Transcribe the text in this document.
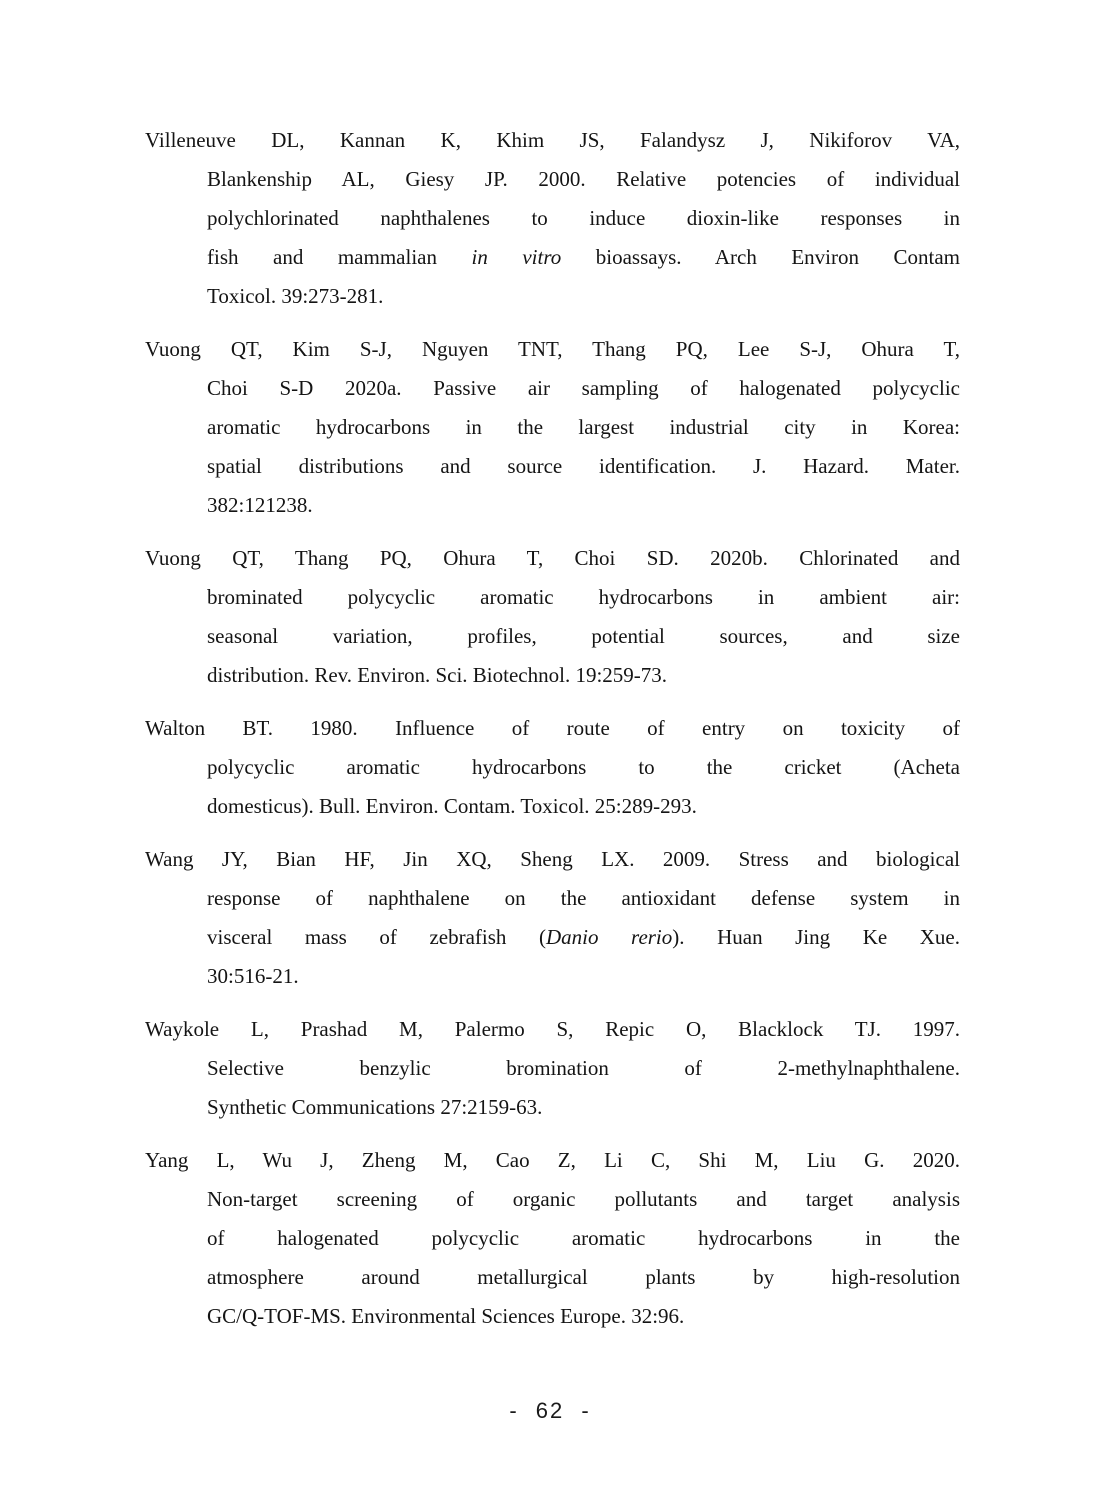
Villeneuve DL, Kannan K, Khim JS, Falandysz J, Nikiforov VA,
Blankenship AL, Giesy JP. 2000. Relative potencies of individual
polychlorinated naphthalenes to induce dioxin-like responses in
fish and mammalian in vitro bioassays. Arch Environ Contam
Toxicol. 39:273-281.
Vuong QT, Kim S-J, Nguyen TNT, Thang PQ, Lee S-J, Ohura T,
Choi S-D 2020a. Passive air sampling of halogenated polycyclic
aromatic hydrocarbons in the largest industrial city in Korea:
spatial distributions and source identification. J. Hazard. Mater.
382:121238.
Vuong QT, Thang PQ, Ohura T, Choi SD. 2020b. Chlorinated and
brominated polycyclic aromatic hydrocarbons in ambient air:
seasonal variation, profiles, potential sources, and size
distribution. Rev. Environ. Sci. Biotechnol. 19:259-73.
Walton BT. 1980. Influence of route of entry on toxicity of
polycyclic aromatic hydrocarbons to the cricket (Acheta
domesticus). Bull. Environ. Contam. Toxicol. 25:289-293.
Wang JY, Bian HF, Jin XQ, Sheng LX. 2009. Stress and biological
response of naphthalene on the antioxidant defense system in
visceral mass of zebrafish (Danio rerio). Huan Jing Ke Xue.
30:516-21.
Waykole L, Prashad M, Palermo S, Repic O, Blacklock TJ. 1997.
Selective benzylic bromination of 2-methylnaphthalene.
Synthetic Communications 27:2159-63.
Yang L, Wu J, Zheng M, Cao Z, Li C, Shi M, Liu G. 2020.
Non-target screening of organic pollutants and target analysis
of halogenated polycyclic aromatic hydrocarbons in the
atmosphere around metallurgical plants by high-resolution
GC/Q-TOF-MS. Environmental Sciences Europe. 32:96.
- 62 -
